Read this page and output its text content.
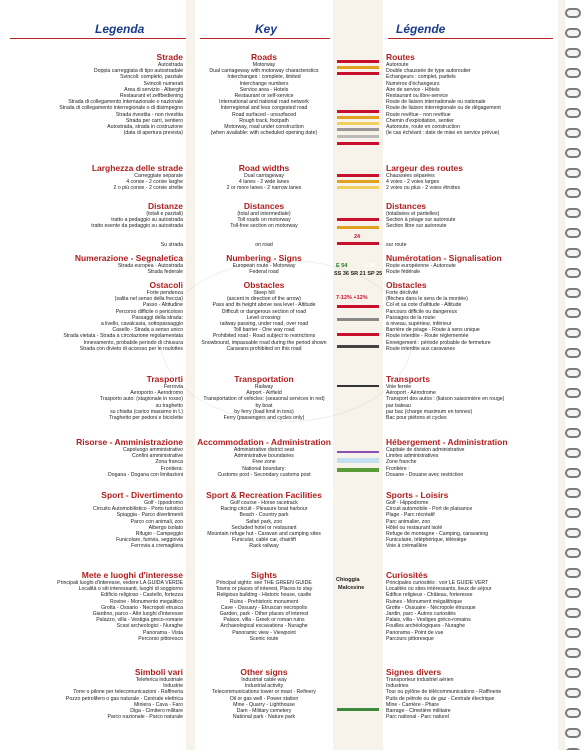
Legenda	Key	Légende
Strade
Autostrada
Doppia carreggiata di tipo autostradale
Svincoli: completo, parziale
Svincoli numerati
Area di servizio - Alberghi
Restaurant et zelfbediening
Strada di collegamento internazionale o nazionale
Strada di collegamento interregionale o di disimpegno
Strada rivestita - non rivestita
Strada per carri, sentiero
Autostrada, strada in costruzione
(data di apertura prevista)
Larghezza delle strade
Carreggiate separate
4 corsie - 2 corsie larghe
2 o più corsie - 2 corsie strette
Distanze
(totali e parziali)
tratto a pedaggio su autostrada
tratto esente da pedaggio su autostrada

Su strada
Numerazione - Segnaletica
Strada europea - Autostrada
Strada federale
Ostacoli
Forte pendenza
(salita nel senso della freccia)
Passo - Altitudine
Percorso difficile o pericoloso
Passaggi della strada:
a livello, cavalcavia, sottopassaggio
Casello - Strada a senso unico
Strada vietata - Strada a circolazione regolamentata
Innevamento, probabile periodo di chiusura
Strada con divieto di accesso per le roulottes
Trasporti
Ferrovia
Aeroporto - Aerodromo
Trasporto auto: (stagionale in rosso)
su traghetto
su chiatta (carico massimo in t.)
Traghetto per pedoni e biciclette
Risorse - Amministrazione
Capoluogo amministrativo
Confini amministrative
Zona franca
Frontiera:
Dogana - Dogana con limitazioni
Sport - Divertimento
Golf - Ippodromo
Circuito Automobilistico - Porto turistico
Spiaggia - Parco divertimenti
Parco con animali, zoo
Albergo isolato
Rifugio - Campeggio
Funicolare, funivia, seggiovia
Ferrovia a cremagliera
Mete e luoghi d'interesse
Principali luoghi d'interesse, vedere LA GUIDA VERDE
Località o siti interessanti, luoghi di soggiorno
Edificio religioso - Castello, fortezza
Rovine - Monumento megalitico
Grotta - Ossario - Necropoli etrusca
Giardino, parco - Altri luoghi d'interesse
Palazzo, villa - Vestigia greco-romane
Scavi archeologici - Nuraghe
Panorama - Vista
Percorso pittoresco
Simboli vari
Teleferica industriale
Industrie
Torre o pilone per telecomunicazioni - Raffineria
Pozzo petrolifero o gas naturale - Centrale elettrica
Miniera - Cava - Faro
Diga - Cimitero militare
Parco nazionale - Parco naturale
Roads
Motorway
Dual carriageway with motorway characteristics
Interchanges : complete, limited
Interchange numbers
Service area - Hotels
Restaurant or self-service
International and national road network
Interregional and less congested road
Road surfaced - unsurfaced
Rough track, footpath
Motorway, road under construction
(when available: with scheduled opening date)
Road widths
Dual carriageway
4 lanes - 2 wide lanes
2 or more lanes - 2 narrow lanes
Distances
(total and intermediate)
Toll roads on motorway
Toll-free section on motorway

on road
Numbering - Signs
European route - Motorway
Federal road
Obstacles
Steep hill
(ascent in direction of the arrow)
Pass and its height above sea level - Altitude
Difficult or dangerous section of road
Level crossing:
railway passing, under road, over road
Toll barrier - One way road
Prohibited road - Road subject to restrictions
Snowbound, impassable road during the period shown
Caravans prohibited on this road
Transportation
Railway
Airport - Airfield
Transportation of vehicles: (seasonal services in red)
by boat
by ferry (load limit in tons)
Ferry (passengers and cycles only)
Accommodation - Administration
Administrative district seat
Administrative boundaries
Free zone
National boundary:
Customs post - Secondary customs post
Sport & Recreation Facilities
Golf course - Horse racetrack
Racing circuit - Pleasure boat harbour
Beach - Country park
Safari park, zoo
Secluded hotel or restaurant
Mountain refuge hut - Caravan and camping sites
Funicular, cable car, chairlift
Rack railway
Sights
Principal sights: see THE GREEN GUIDE
Towns or places of interest, Places to stay
Religious building - Historic house, castle
Ruins - Prehistoric monument
Cave - Ossuary - Etruscan necropolis
Garden, park - Other places of interest
Palace, villa - Greek or roman ruins
Archaeological excavations - Nuraghe
Panoramic view - Viewpoint
Scenic route
Other signs
Industrial cable way
Industrial activity
Telecommunications tower or mast - Refinery
Oil or gas well - Power station
Mine - Quarry - Lighthouse
Dam - Military cemetery
National park - Nature park
Routes
Autoroute
Double chaussée de type autoroutier
Échangeurs : complet, partiels
Numéros d'échangeurs
Aire de service - Hôtels
Restaurant ou libre-service
Route de liaison internationale ou nationale
Route de liaison interrégionale ou de dégagement
Route revêtue - non revêtue
Chemin d'exploitation, sentier
Autoroute, route en construction
(le cas échéant : date de mise en service prévue)
Largeur des routes
Chaussées séparées
4 voies - 2 voies larges
2 voies ou plus - 2 voies étroites
Distances
(totalisées et partielles)
Section à péage sur autoroute
Section libre sur autoroute

sur route
Numérotation - Signalisation
Route européenne - Autoroute
Route fédérale
Obstacles
Forte déclivité
(flèches dans le sens de la montée)
Col et sa cote d'altitude - Altitude
Parcours difficile ou dangereux
Passages de la route:
à niveau, supérieur, inférieur
Barrière de péage - Route à sens unique
Route interdite - Route réglementée
Enneigement : période probable de fermeture
Route interdite aux caravanes
Transports
Voie ferrée
Aéroport - Aérodrome
Transport des autos : (liaison saisonnière en rouge)
par bateau
par bac (charge maximum en tonnes)
Bac pour piétons et cycles
Hébergement - Administration
Capitale de division administrative
Limites administratives
Zone franche
Frontière :
Douane - Douane avec restriction
Sports - Loisirs
Golf - Hippodrome
Circuit automobile - Port de plaisance
Plage - Parc récréatif
Parc animalier, zoo
Hôtel ou restaurant isolé
Refuge de montagne - Camping, caravaning
Funiculaire, téléphérique, télésiège
Voie à crémaillère
Curiosités
Principales curiosités : voir LE GUIDE VERT
Localités ou sites intéressants, lieux de séjour
Édifice religieux - Château, forteresse
Ruines - Monument mégalithique
Grotte - Ossuaire - Nécropole étrusque
Jardin, parc - Autres curiosités
Palais, villa - Vestiges gréco-romains
Fouilles archéologiques - Nuraghe
Panorama - Point de vue
Parcours pittoresque
Signes divers
Transporteur industriel aérien
Industries
Tour ou pylône de télécommunications - Raffinerie
Puits de pétrole ou de gaz - Centrale électrique
Mine - Carrière - Phare
Barrage - Cimetière militaire
Parc national - Parc naturel
E 54	A 96
SS 36 SR 21 SP 25
24
7-12% +12%
Chioggia
Malcesine
